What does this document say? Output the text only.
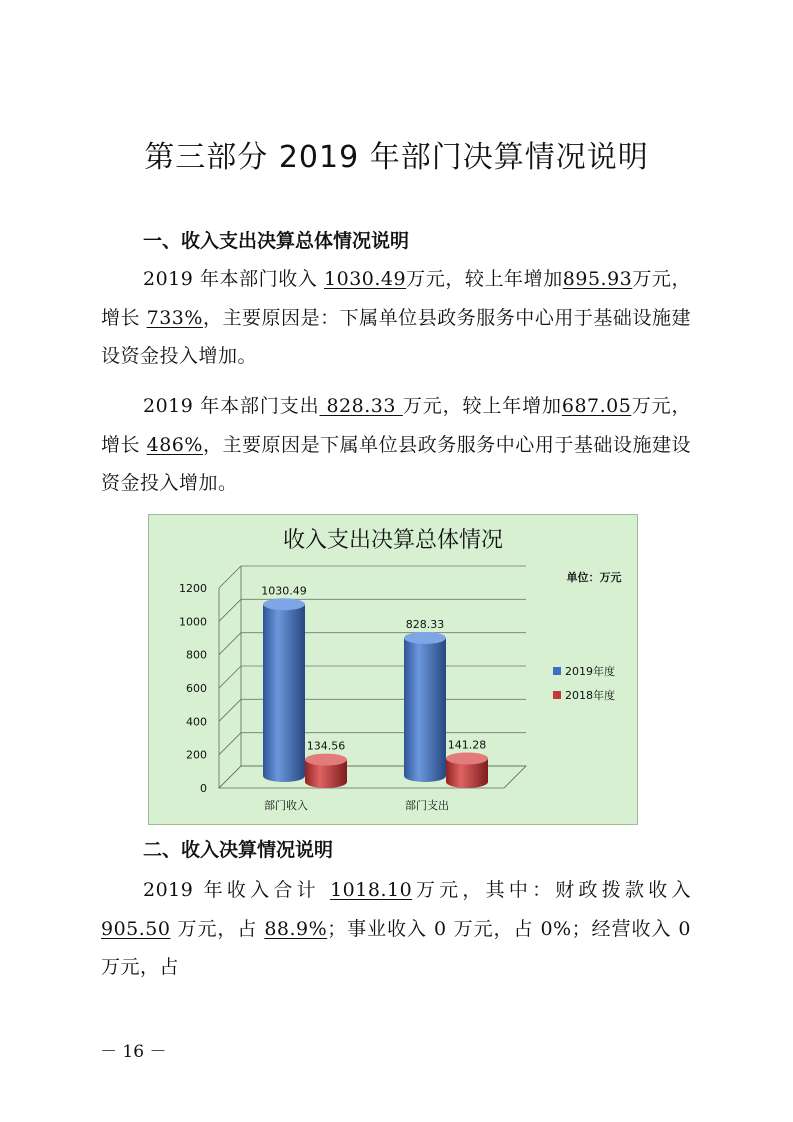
第三部分 2019 年部门决算情况说明
一、收入支出决算总体情况说明

2019 年本部门收入 1030.49万元，较上年增加895.93万元，增长 733%，主要原因是：下属单位县政务服务中心用于基础设施建设资金投入增加。

2019 年本部门支出 828.33 万元，较上年增加687.05万元，增长 486%，主要原因是下属单位县政务服务中心用于基础设施建设资金投入增加。

收入支出决算总体情况
单位：万元
0
200
400
600
800
1000
1200	1030.49
828.33
134.56	141.28
部门收入	部门支出
2019年度
2018年度
二、收入决算情况说明

2019 年收入合计 1018.10万元，其中：财政拨款收入 905.50 万元，占 88.9%；事业收入 0 万元，占 0%；经营收入 0 万元，占

－ 16 －
